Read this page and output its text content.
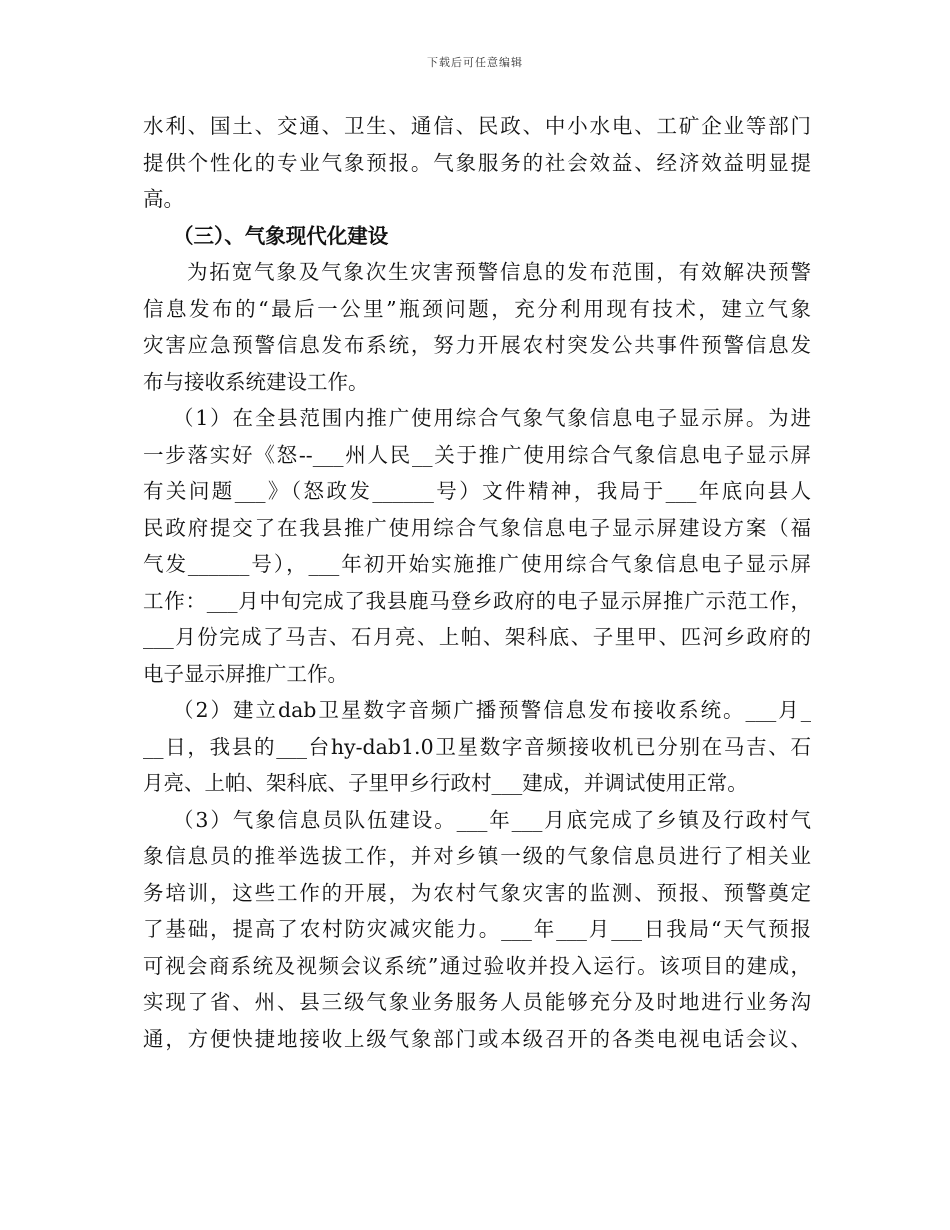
下载后可任意编辑
水利、国土、交通、卫生、通信、民政、中小水电、工矿企业等部门
提供个性化的专业气象预报。气象服务的社会效益、经济效益明显提
高。
（三）、气象现代化建设
为拓宽气象及气象次生灾害预警信息的发布范围，有效解决预警
信息发布的“最后一公里”瓶颈问题，充分利用现有技术，建立气象
灾害应急预警信息发布系统，努力开展农村突发公共事件预警信息发
布与接收系统建设工作。
（1）在全县范围内推广使用综合气象气象信息电子显示屏。为进
一步落实好《怒--___州人民__关于推广使用综合气象信息电子显示屏
有关问题___》（怒政发______号）文件精神，我局于___年底向县人
民政府提交了在我县推广使用综合气象信息电子显示屏建设方案（福
气发______号），___年初开始实施推广使用综合气象信息电子显示屏
工作：___月中旬完成了我县鹿马登乡政府的电子显示屏推广示范工作，
___月份完成了马吉、石月亮、上帕、架科底、子里甲、匹河乡政府的
电子显示屏推广工作。
（2）建立dab卫星数字音频广播预警信息发布接收系统。___月_
__日，我县的___台hy-dab1.0卫星数字音频接收机已分别在马吉、石
月亮、上帕、架科底、子里甲乡行政村___建成，并调试使用正常。
（3）气象信息员队伍建设。___年___月底完成了乡镇及行政村气
象信息员的推举选拔工作，并对乡镇一级的气象信息员进行了相关业
务培训，这些工作的开展，为农村气象灾害的监测、预报、预警奠定
了基础，提高了农村防灾减灾能力。___年___月___日我局“天气预报
可视会商系统及视频会议系统”通过验收并投入运行。该项目的建成，
实现了省、州、县三级气象业务服务人员能够充分及时地进行业务沟
通，方便快捷地接收上级气象部门或本级召开的各类电视电话会议、
